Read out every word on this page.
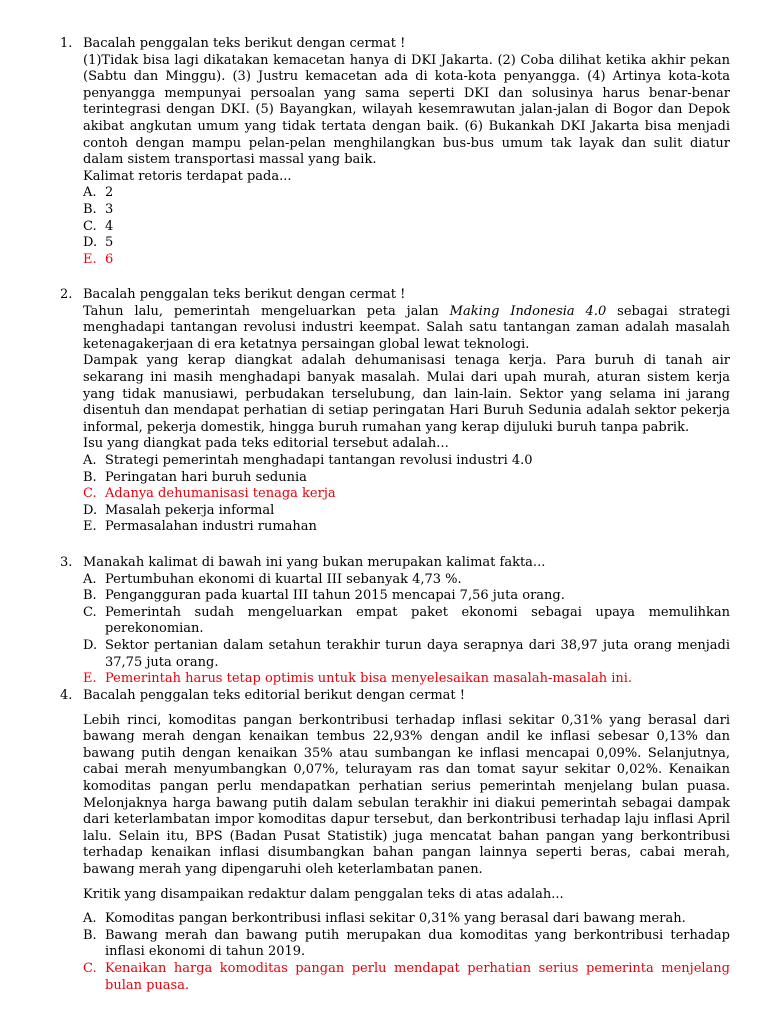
1. Bacalah penggalan teks berikut dengan cermat !
(1)Tidak bisa lagi dikatakan kemacetan hanya di DKI Jakarta. (2) Coba dilihat ketika akhir pekan (Sabtu dan Minggu). (3) Justru kemacetan ada di kota-kota penyangga. (4) Artinya kota-kota penyangga mempunyai persoalan yang sama seperti DKI dan solusinya harus benar-benar terintegrasi dengan DKI. (5) Bayangkan, wilayah kesemrawutan jalan-jalan di Bogor dan Depok akibat angkutan umum yang tidak tertata dengan baik. (6) Bukankah DKI Jakarta bisa menjadi contoh dengan mampu pelan-pelan menghilangkan bus-bus umum tak layak dan sulit diatur dalam sistem transportasi massal yang baik.
Kalimat retoris terdapat pada...
A. 2
B. 3
C. 4
D. 5
E. 6
2. Bacalah penggalan teks berikut dengan cermat !
Tahun lalu, pemerintah mengeluarkan peta jalan Making Indonesia 4.0 sebagai strategi menghadapi tantangan revolusi industri keempat. Salah satu tantangan zaman adalah masalah ketenagakerjaan di era ketatnya persaingan global lewat teknologi.
Dampak yang kerap diangkat adalah dehumanisasi tenaga kerja. Para buruh di tanah air sekarang ini masih menghadapi banyak masalah. Mulai dari upah murah, aturan sistem kerja yang tidak manusiawi, perbudakan terselubung, dan lain-lain. Sektor yang selama ini jarang disentuh dan mendapat perhatian di setiap peringatan Hari Buruh Sedunia adalah sektor pekerja informal, pekerja domestik, hingga buruh rumahan yang kerap dijuluki buruh tanpa pabrik.
Isu yang diangkat pada teks editorial tersebut adalah...
A. Strategi pemerintah menghadapi tantangan revolusi industri 4.0
B. Peringatan hari buruh sedunia
C. Adanya dehumanisasi tenaga kerja
D. Masalah pekerja informal
E. Permasalahan industri rumahan
3. Manakah kalimat di bawah ini yang bukan merupakan kalimat fakta...
A. Pertumbuhan ekonomi di kuartal III sebanyak 4,73 %.
B. Pengangguran pada kuartal III tahun 2015 mencapai 7,56 juta orang.
C. Pemerintah sudah mengeluarkan empat paket ekonomi sebagai upaya memulihkan perekonomian.
D. Sektor pertanian dalam setahun terakhir turun daya serapnya dari 38,97 juta orang menjadi 37,75 juta orang.
E. Pemerintah harus tetap optimis untuk bisa menyelesaikan masalah-masalah ini.
4. Bacalah penggalan teks editorial berikut dengan cermat !
Lebih rinci, komoditas pangan berkontribusi terhadap inflasi sekitar 0,31% yang berasal dari bawang merah dengan kenaikan tembus 22,93% dengan andil ke inflasi sebesar 0,13% dan bawang putih dengan kenaikan 35% atau sumbangan ke inflasi mencapai 0,09%. Selanjutnya, cabai merah menyumbangkan 0,07%, telurayam ras dan tomat sayur sekitar 0,02%. Kenaikan komoditas pangan perlu mendapatkan perhatian serius pemerintah menjelang bulan puasa. Melonjaknya harga bawang putih dalam sebulan terakhir ini diakui pemerintah sebagai dampak dari keterlambatan impor komoditas dapur tersebut, dan berkontribusi terhadap laju inflasi April lalu. Selain itu, BPS (Badan Pusat Statistik) juga mencatat bahan pangan yang berkontribusi terhadap kenaikan inflasi disumbangkan bahan pangan lainnya seperti beras, cabai merah, bawang merah yang dipengaruhi oleh keterlambatan panen.
Kritik yang disampaikan redaktur dalam penggalan teks di atas adalah...
A. Komoditas pangan berkontribusi inflasi sekitar 0,31% yang berasal dari bawang merah.
B. Bawang merah dan bawang putih merupakan dua komoditas yang berkontribusi terhadap inflasi ekonomi di tahun 2019.
C. Kenaikan harga komoditas pangan perlu mendapat perhatian serius pemerinta menjelang bulan puasa.
